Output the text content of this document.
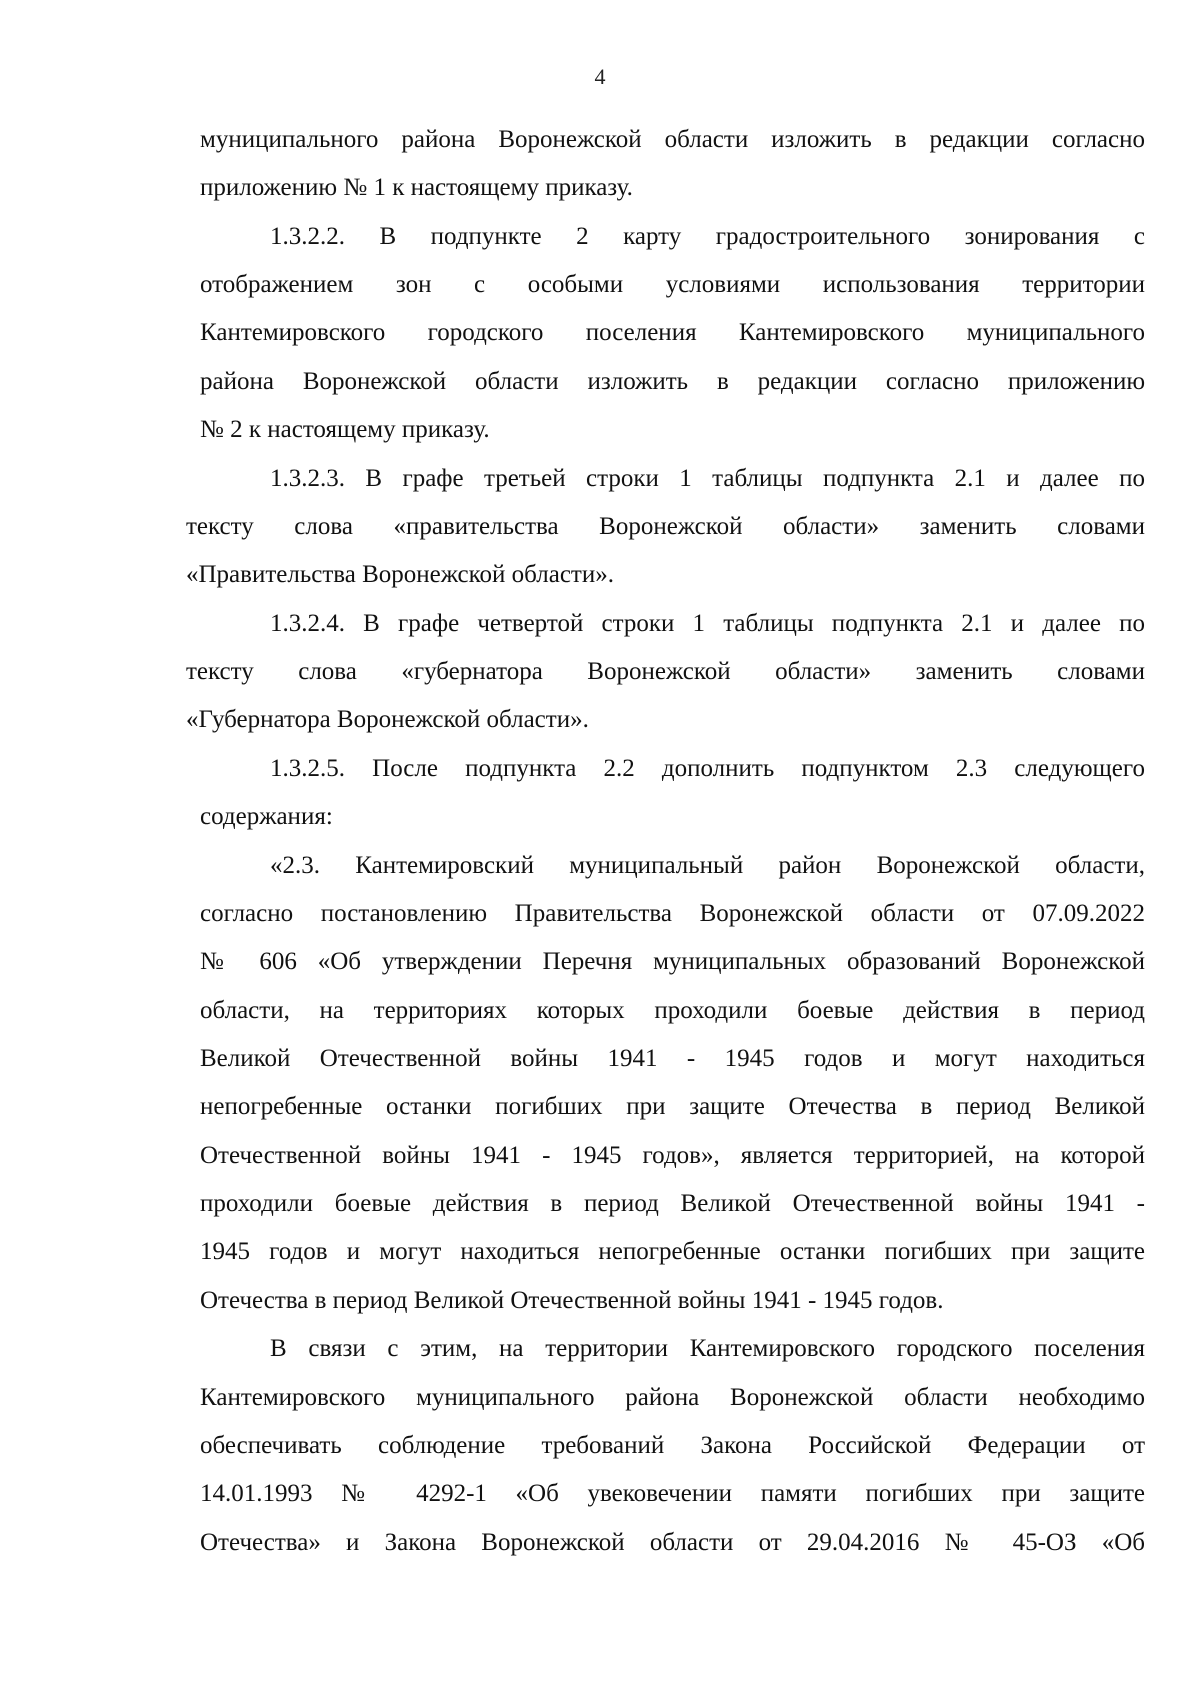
4
муниципального района Воронежской области изложить в редакции согласно
приложению № 1 к настоящему приказу.
1.3.2.2. В подпункте 2 карту градостроительного зонирования с
отображением зон с особыми условиями использования территории
Кантемировского городского поселения Кантемировского муниципального
района Воронежской области изложить в редакции согласно приложению
№ 2 к настоящему приказу.
1.3.2.3. В графе третьей строки 1 таблицы подпункта 2.1 и далее по
тексту слова «правительства Воронежской области» заменить словами
«Правительства Воронежской области».
1.3.2.4. В графе четвертой строки 1 таблицы подпункта 2.1 и далее по
тексту слова «губернатора Воронежской области» заменить словами
«Губернатора Воронежской области».
1.3.2.5. После подпункта 2.2 дополнить подпунктом 2.3 следующего
содержания:
«2.3. Кантемировский муниципальный район Воронежской области,
согласно постановлению Правительства Воронежской области от 07.09.2022
№ 606 «Об утверждении Перечня муниципальных образований Воронежской
области, на территориях которых проходили боевые действия в период
Великой Отечественной войны 1941 - 1945 годов и могут находиться
непогребенные останки погибших при защите Отечества в период Великой
Отечественной войны 1941 - 1945 годов», является территорией, на которой
проходили боевые действия в период Великой Отечественной войны 1941 -
1945 годов и могут находиться непогребенные останки погибших при защите
Отечества в период Великой Отечественной войны 1941 - 1945 годов.
В связи с этим, на территории Кантемировского городского поселения
Кантемировского муниципального района Воронежской области необходимо
обеспечивать соблюдение требований Закона Российской Федерации от
14.01.1993 № 4292-1 «Об увековечении памяти погибших при защите
Отечества» и Закона Воронежской области от 29.04.2016 № 45-ОЗ «Об
